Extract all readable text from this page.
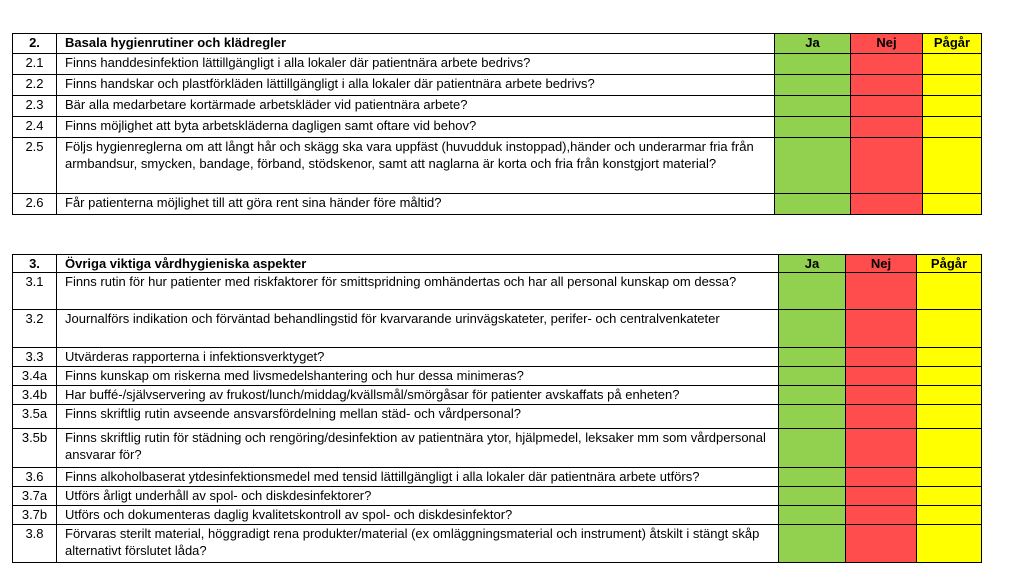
2.	Basala hygienrutiner och klädregler	Ja	Nej	Pågår
2.1	Finns handdesinfektion lättillgängligt i alla lokaler där patientnära arbete bedrivs?			
2.2	Finns handskar och plastförkläden lättillgängligt i alla lokaler där patientnära arbete bedrivs?			
2.3	Bär alla medarbetare kortärmade arbetskläder vid patientnära arbete?			
2.4	Finns möjlighet att byta arbetskläderna dagligen samt oftare vid behov?			
2.5	Följs hygienreglerna om att långt hår och skägg ska vara uppfäst (huvudduk instoppad),händer och underarmar fria från armbandsur, smycken, bandage, förband, stödskenor, samt att naglarna är korta och fria från konstgjort material?			
2.6	Får patienterna möjlighet till att göra rent sina händer före måltid?			
3.	Övriga viktiga vårdhygieniska aspekter	Ja	Nej	Pågår
3.1	Finns rutin för hur patienter med riskfaktorer för smittspridning omhändertas och har all personal kunskap om dessa?			
3.2	Journalförs indikation och förväntad behandlingstid för kvarvarande urinvägskateter, perifer- och centralvenkateter			
3.3	Utvärderas rapporterna i infektionsverktyget?			
3.4a	Finns kunskap om riskerna med livsmedelshantering och hur dessa minimeras?			
3.4b	Har buffé-/självservering av frukost/lunch/middag/kvällsmål/smörgåsar för patienter avskaffats på enheten?			
3.5a	Finns skriftlig rutin avseende ansvarsfördelning mellan städ- och vårdpersonal?			
3.5b	Finns skriftlig rutin för städning och rengöring/desinfektion av patientnära ytor, hjälpmedel, leksaker mm som vårdpersonal ansvarar för?			
3.6	Finns alkoholbaserat ytdesinfektionsmedel med tensid lättillgängligt i alla lokaler där patientnära arbete utförs?			
3.7a	Utförs årligt underhåll av spol- och diskdesinfektorer?			
3.7b	Utförs och dokumenteras daglig kvalitetskontroll av spol- och diskdesinfektor?			
3.8	Förvaras sterilt material, höggradigt rena produkter/material (ex omläggningsmaterial och instrument) åtskilt i stängt skåp alternativt förslutet låda?			
